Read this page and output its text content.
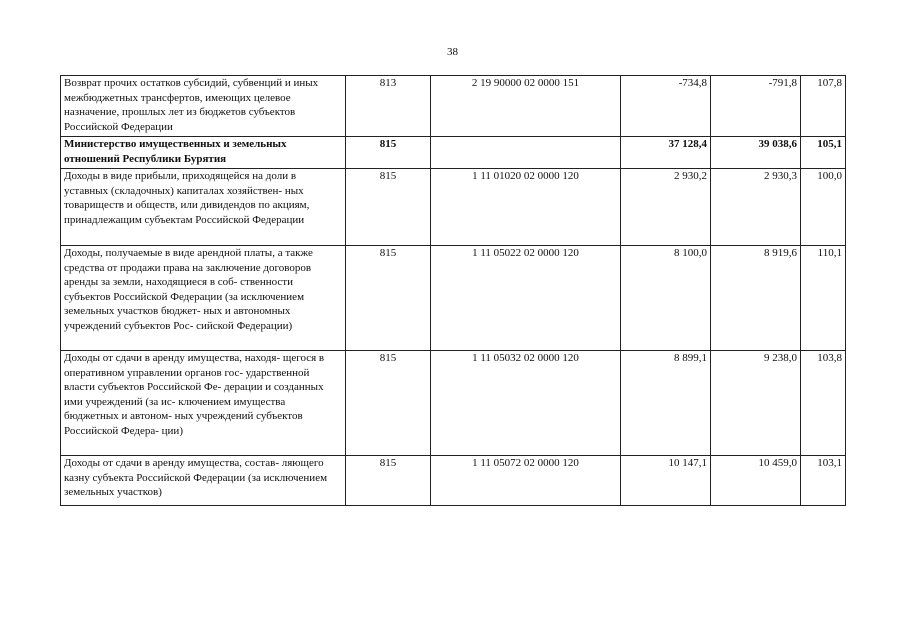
38
Возврат прочих остатков субсидий, субвенций и иных межбюджетных трансфертов, имеющих целевое назначение, прошлых лет из бюджетов субъектов Российской Федерации	813	2 19 90000 02 0000 151	-734,8	-791,8	107,8
Министерство имущественных и земельных отношений Республики Бурятия	815		37 128,4	39 038,6	105,1
Доходы в виде прибыли, приходящейся на доли в уставных (складочных) капиталах хозяйствен- ных товариществ и обществ, или дивидендов по акциям, принадлежащим субъектам Российской Федерации	815	1 11 01020 02 0000 120	2 930,2	2 930,3	100,0
Доходы, получаемые в виде арендной платы, а также средства от продажи права на заключение договоров аренды за земли, находящиеся в соб- ственности субъектов Российской Федерации (за исключением земельных участков бюджет- ных и автономных учреждений субъектов Рос- сийской Федерации)	815	1 11 05022 02 0000 120	8 100,0	8 919,6	110,1
Доходы от сдачи в аренду имущества, находя- щегося в оперативном управлении органов гос- ударственной власти субъектов Российской Фе- дерации и созданных ими учреждений (за ис- ключением имущества бюджетных и автоном- ных учреждений субъектов Российской Федера- ции)	815	1 11 05032 02 0000 120	8 899,1	9 238,0	103,8
Доходы от сдачи в аренду имущества, состав- ляющего казну субъекта Российской Федерации (за исключением земельных участков)	815	1 11 05072 02 0000 120	10 147,1	10 459,0	103,1
